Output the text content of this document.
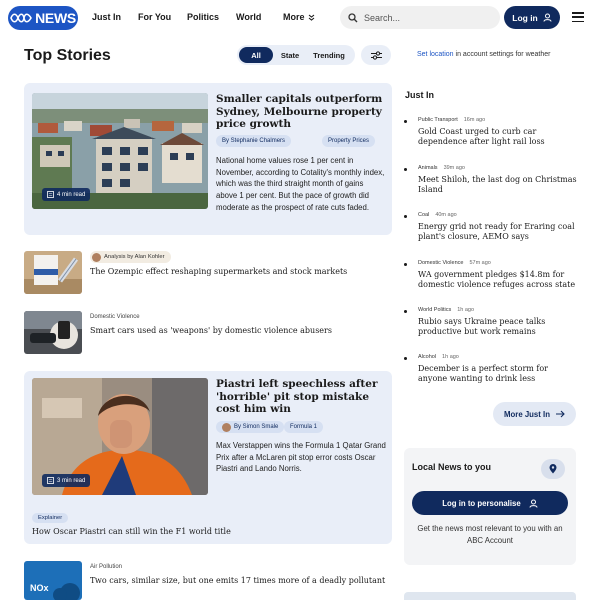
NEWS Just In For You Politics World More
Search...	Log in
Top Stories	All	State	Trending	Set location in account settings for weather
4 min read
Smaller capitals outperform Sydney, Melbourne property price growth
By Stephanie Chalmers	Property Prices
National home values rose 1 per cent in November, according to Cotality's monthly index, which was the third straight month of gains above 1 per cent. But the pace of growth did moderate as the prospect of rate cuts faded.
Analysis by Alan Kohler
The Ozempic effect reshaping supermarkets and stock markets
Domestic Violence
Smart cars used as 'weapons' by domestic violence abusers
3 min read
Piastri left speechless after 'horrible' pit stop mistake cost him win
By Simon Smale	Formula 1
Max Verstappen wins the Formula 1 Qatar Grand Prix after a McLaren pit stop error costs Oscar Piastri and Lando Norris.
Explainer
How Oscar Piastri can still win the F1 world title
NOx
Air Pollution
Two cars, similar size, but one emits 17 times more of a deadly pollutant
Just In
Public Transport 16m ago
Gold Coast urged to curb car dependence after light rail loss
Animals 39m ago
Meet Shiloh, the last dog on Christmas Island
Coal 40m ago
Energy grid not ready for Eraring coal plant's closure, AEMO says
Domestic Violence 57m ago
WA government pledges $14.8m for domestic violence refuges across state
World Politics 1h ago
Rubio says Ukraine peace talks productive but work remains
Alcohol 1h ago
December is a perfect storm for anyone wanting to drink less
More Just In
Local News to you
Log in to personalise
Get the news most relevant to you with an ABC Account
